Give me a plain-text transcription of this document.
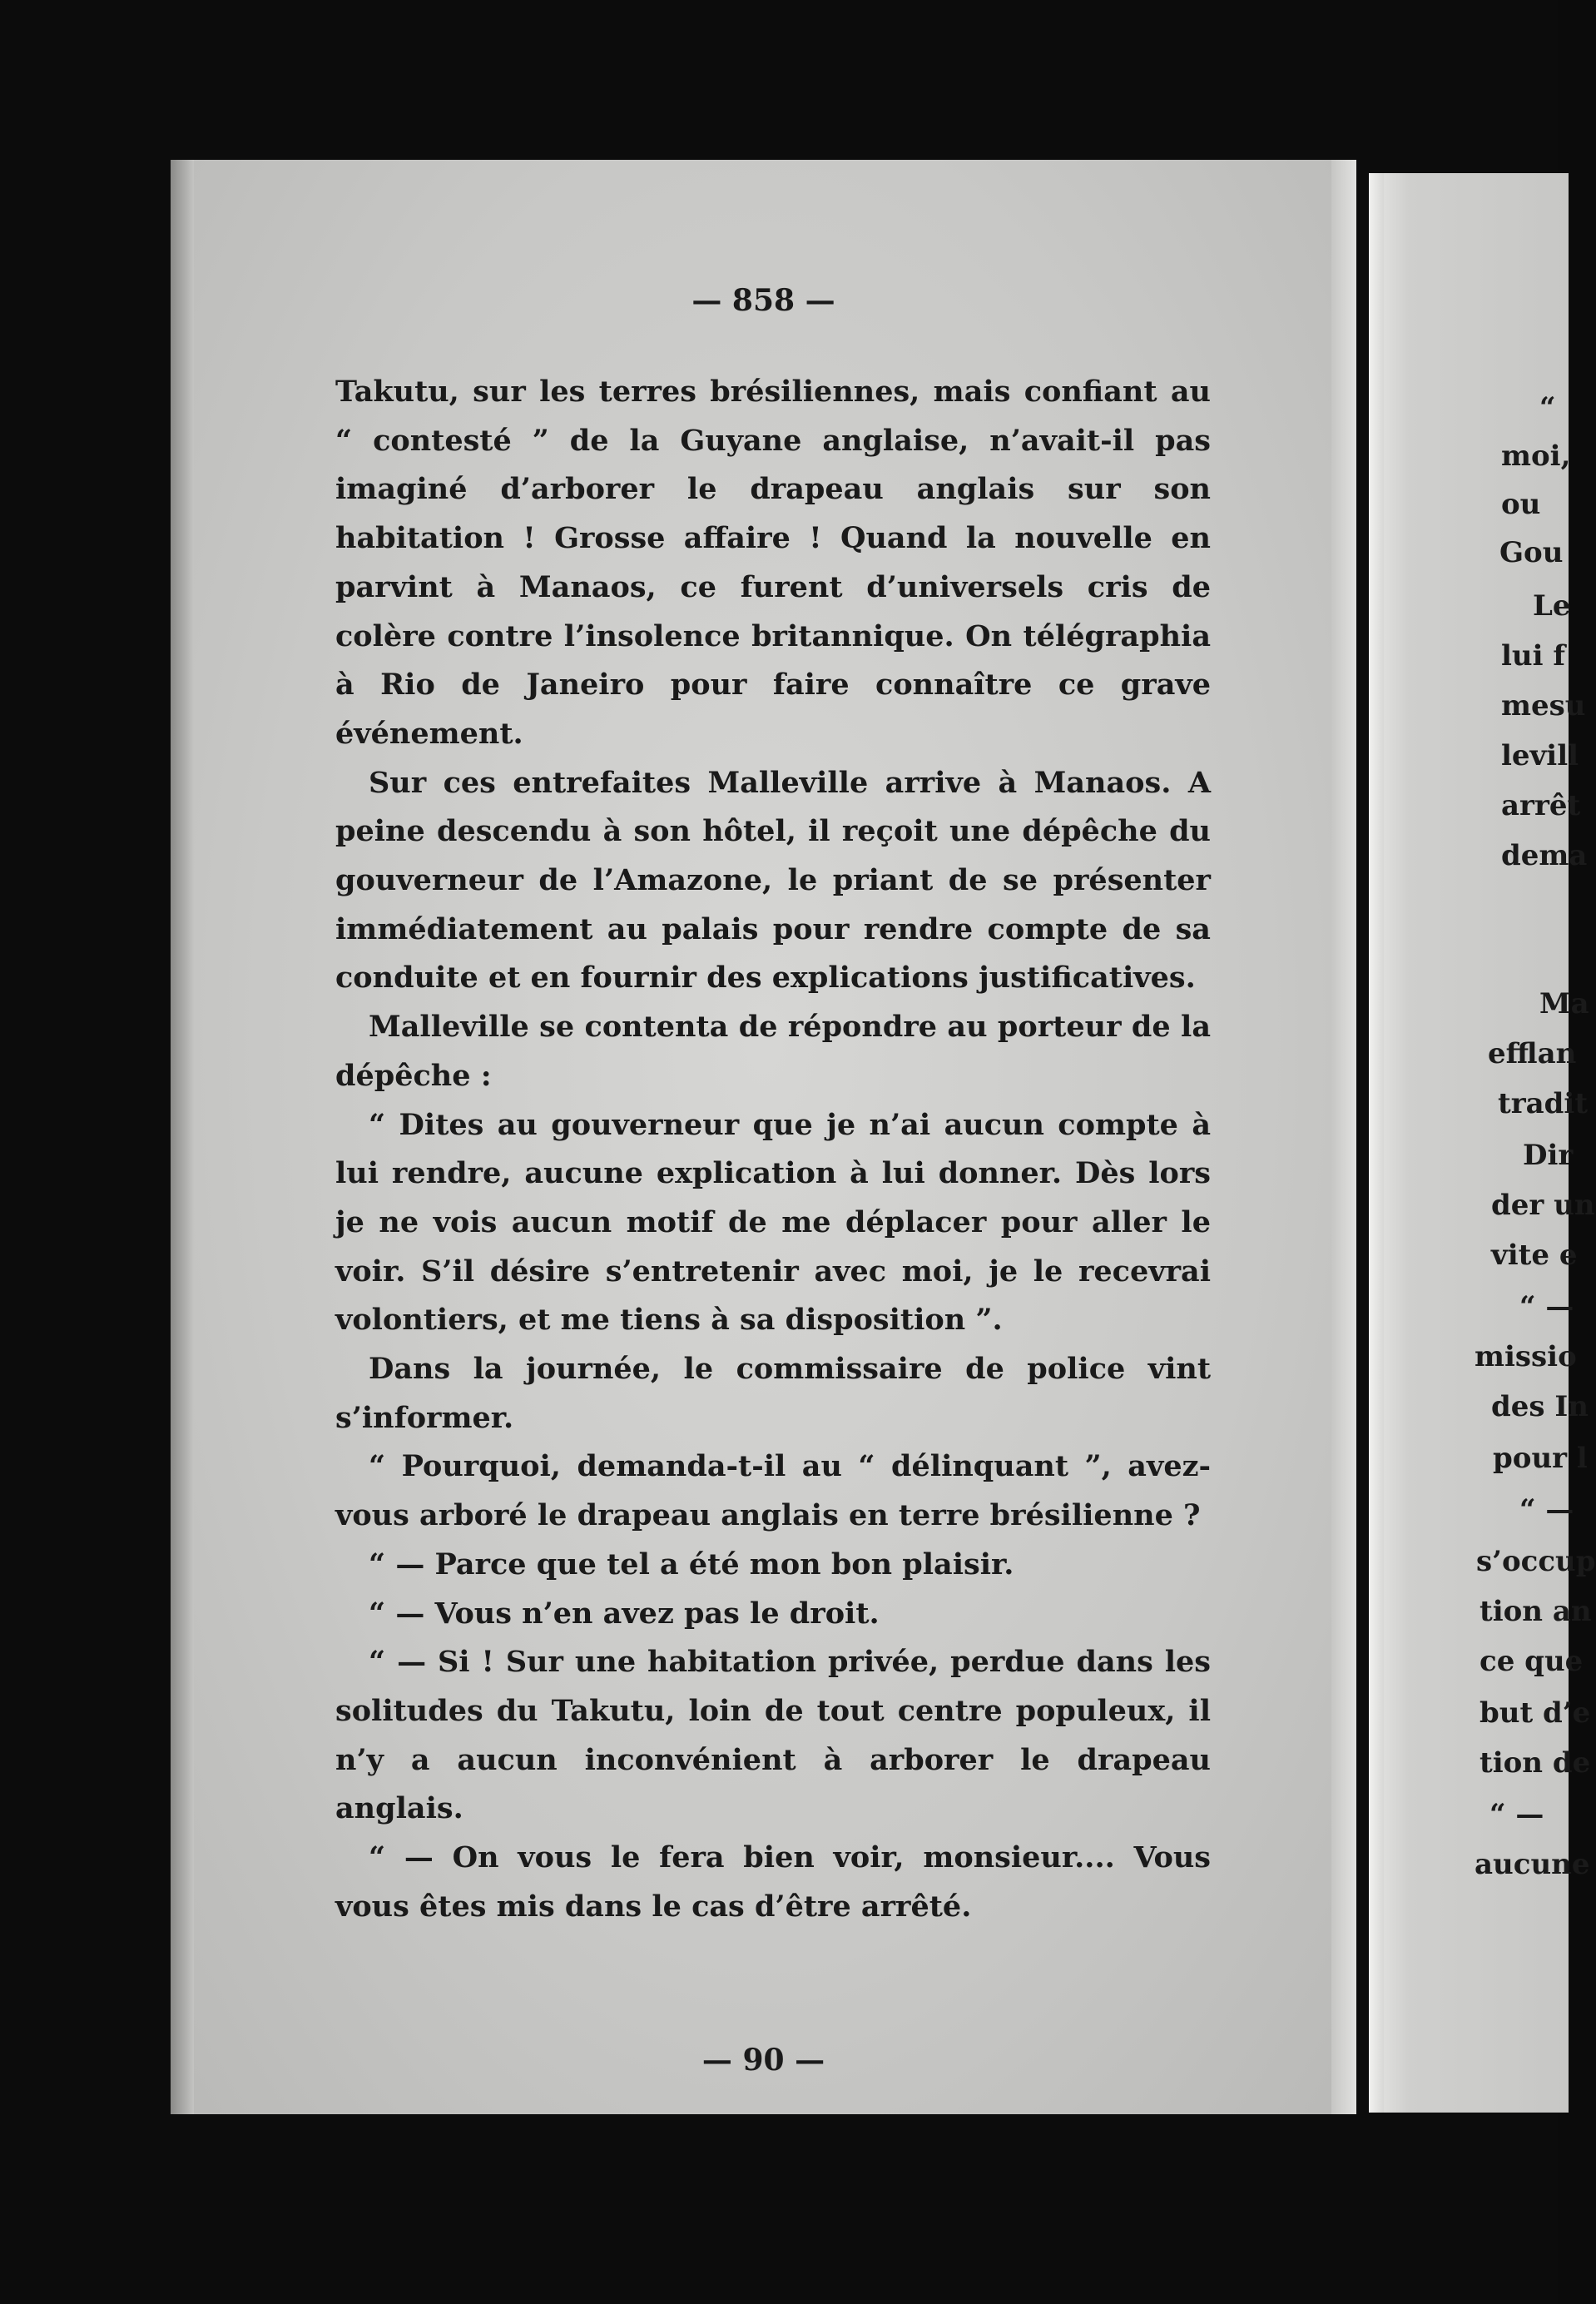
— 858 —

Takutu, sur les terres brésiliennes, mais confiant au “ contesté ” de la Guyane anglaise, n’avait-il pas imaginé d’arborer le drapeau anglais sur son habitation ! Grosse affaire ! Quand la nouvelle en parvint à Manaos, ce furent d’universels cris de colère contre l’insolence britannique. On télégraphia à Rio de Janeiro pour faire connaître ce grave événement.

Sur ces entrefaites Malleville arrive à Manaos. A peine descendu à son hôtel, il reçoit une dépêche du gouverneur de l’Amazone, le priant de se présenter immédiatement au palais pour rendre compte de sa conduite et en fournir des explications justificatives.

Malleville se contenta de répondre au porteur de la dépêche :

“ Dites au gouverneur que je n’ai aucun compte à lui rendre, aucune explication à lui donner. Dès lors je ne vois aucun motif de me déplacer pour aller le voir. S’il désire s’entretenir avec moi, je le recevrai volontiers, et me tiens à sa disposition ”.

Dans la journée, le commissaire de police vint s’informer.

“ Pourquoi, demanda-t-il au “ délinquant ”, avez-vous arboré le drapeau anglais en terre brésilienne ?

“ — Parce que tel a été mon bon plaisir.

“ — Vous n’en avez pas le droit.

“ — Si ! Sur une habitation privée, perdue dans les solitudes du Takutu, loin de tout centre populeux, il n’y a aucun inconvénient à arborer le drapeau anglais.

“ — On vous le fera bien voir, monsieur.... Vous vous êtes mis dans le cas d’être arrêté.

— 90 —
“
moi,
ou
Gou
Le
lui f
mesu
levill
arrêt
dema
Ma
efflan
tradit
Dir
der un
vite e
“ —
missio
des In
pour l
“ —
s’occup
tion an
ce que
but d’e
tion de
“ —
aucune
